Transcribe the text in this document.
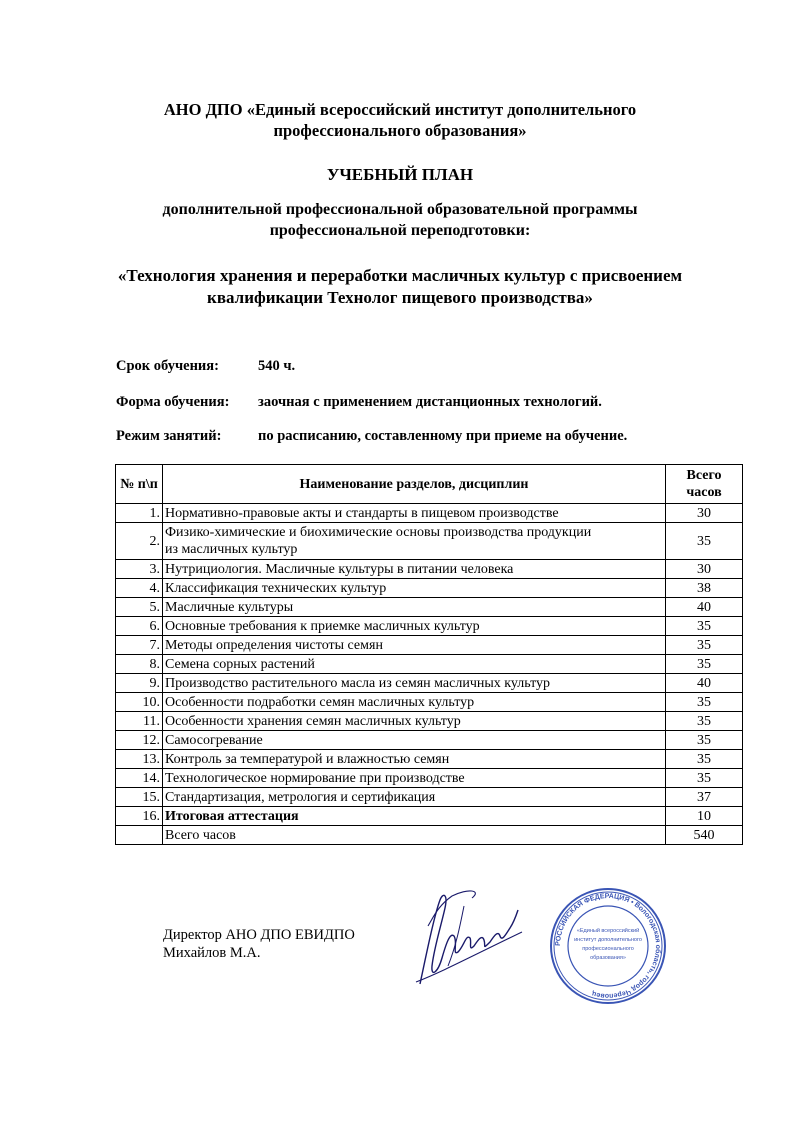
АНО ДПО «Единый всероссийский институт дополнительного
профессионального образования»
УЧЕБНЫЙ ПЛАН
дополнительной профессиональной образовательной программы
профессиональной переподготовки:
«Технология хранения и переработки масличных культур с присвоением
квалификации Технолог пищевого производства»
Срок обучения:	540 ч.
Форма обучения: заочная с применением дистанционных технологий.
Режим занятий:	по расписанию, составленному при приеме на обучение.
№ п\п	Наименование разделов, дисциплин	Всего
часов

1.	Нормативно-правовые акты и стандарты в пищевом производстве	30
2.	Физико-химические и биохимические основы производства продукции
из масличных культур	35
3.	Нутрициология. Масличные культуры в питании человека	30
4.	Классификация технических культур	38
5.	Масличные культуры	40
6.	Основные требования к приемке масличных культур	35
7.	Методы определения чистоты семян	35
8.	Семена сорных растений	35
9.	Производство растительного масла из семян масличных культур	40
10.	Особенности подработки семян масличных культур	35
11.	Особенности хранения семян масличных культур	35
12.	Самосогревание	35
13.	Контроль за температурой и влажностью семян	35
14.	Технологическое нормирование при производстве	35
15.	Стандартизация, метрология и сертификация	37
16.	Итоговая аттестация	10
	Всего часов	540
Директор АНО ДПО ЕВИДПО
Михайлов М.А.
РОССИЙСКАЯ ФЕДЕРАЦИЯ • Вологодская область, город Череповец
«Единый всероссийский
институт дополнительного
профессионального
образования»
